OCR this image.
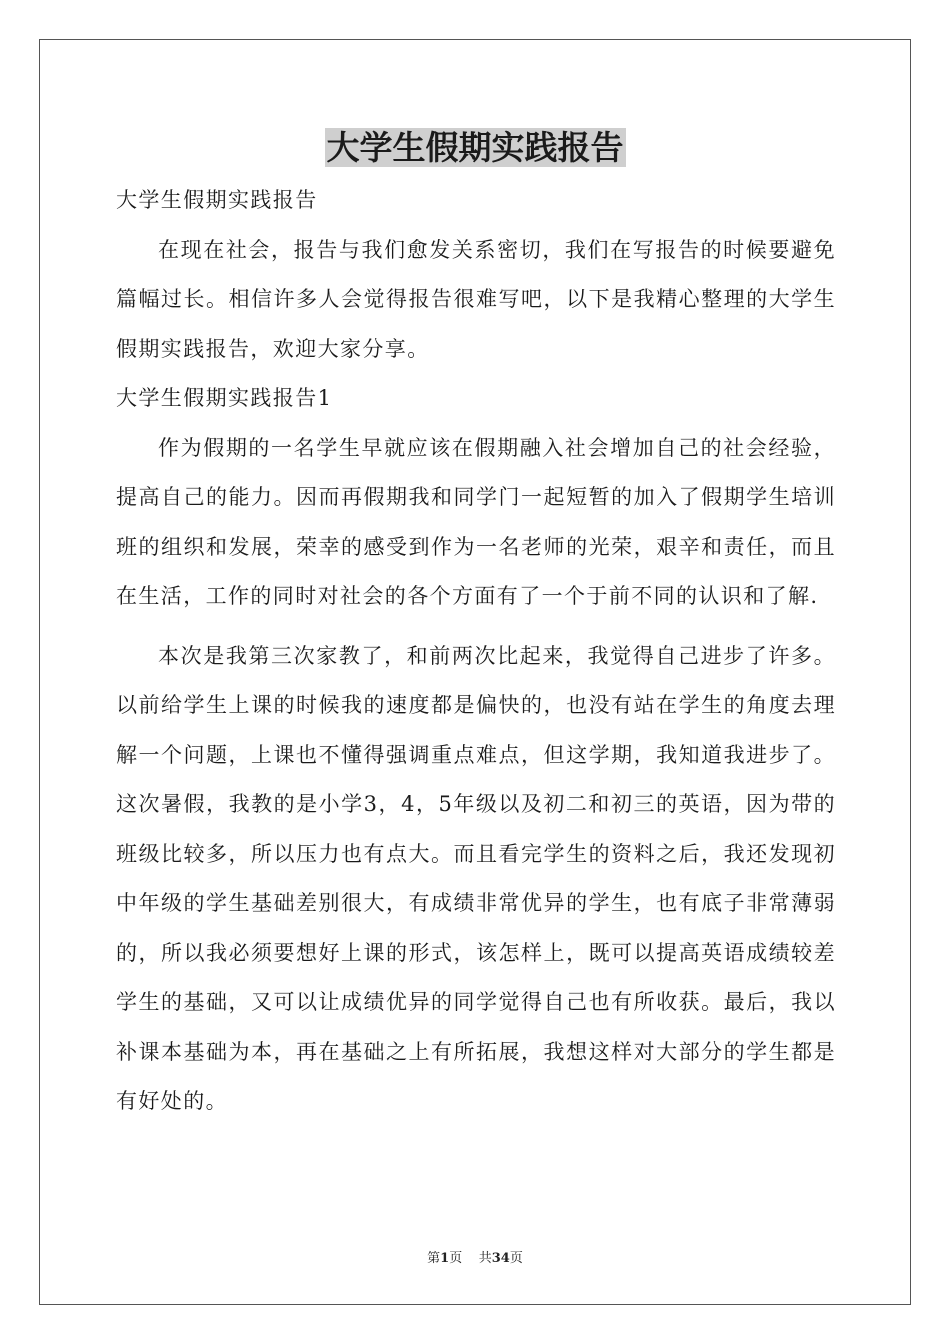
大学生假期实践报告

大学生假期实践报告

在现在社会，报告与我们愈发关系密切，我们在写报告的时候要避免篇幅过长。相信许多人会觉得报告很难写吧，以下是我精心整理的大学生假期实践报告，欢迎大家分享。

大学生假期实践报告1

作为假期的一名学生早就应该在假期融入社会增加自己的社会经验，提高自己的能力。因而再假期我和同学门一起短暂的加入了假期学生培训班的组织和发展，荣幸的感受到作为一名老师的光荣，艰辛和责任，而且在生活，工作的同时对社会的各个方面有了一个于前不同的认识和了解.

本次是我第三次家教了，和前两次比起来，我觉得自己进步了许多。以前给学生上课的时候我的速度都是偏快的，也没有站在学生的角度去理解一个问题，上课也不懂得强调重点难点，但这学期，我知道我进步了。这次暑假，我教的是小学3，4，5年级以及初二和初三的英语，因为带的班级比较多，所以压力也有点大。而且看完学生的资料之后，我还发现初中年级的学生基础差别很大，有成绩非常优异的学生，也有底子非常薄弱的，所以我必须要想好上课的形式，该怎样上，既可以提高英语成绩较差学生的基础，又可以让成绩优异的同学觉得自己也有所收获。最后，我以补课本基础为本，再在基础之上有所拓展，我想这样对大部分的学生都是有好处的。

第1页 共34页
